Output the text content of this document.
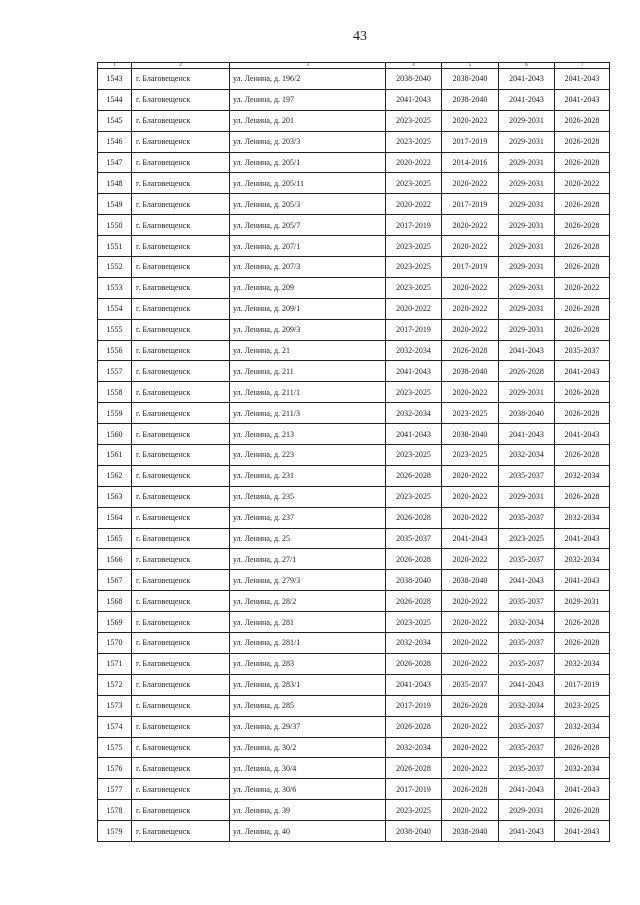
43
1	2	3	4	5	6	7
1543	г. Благовещенск	ул. Ленина, д. 196/2	2038-2040	2038-2040	2041-2043	2041-2043
1544	г. Благовещенск	ул. Ленина, д. 197	2041-2043	2038-2040	2041-2043	2041-2043
1545	г. Благовещенск	ул. Ленина, д. 201	2023-2025	2020-2022	2029-2031	2026-2028
1546	г. Благовещенск	ул. Ленина, д. 203/3	2023-2025	2017-2019	2029-2031	2026-2028
1547	г. Благовещенск	ул. Ленина, д. 205/1	2020-2022	2014-2016	2029-2031	2026-2028
1548	г. Благовещенск	ул. Ленина, д. 205/11	2023-2025	2020-2022	2029-2031	2020-2022
1549	г. Благовещенск	ул. Ленина, д. 205/3	2020-2022	2017-2019	2029-2031	2026-2028
1550	г. Благовещенск	ул. Ленина, д. 205/7	2017-2019	2020-2022	2029-2031	2026-2028
1551	г. Благовещенск	ул. Ленина, д. 207/1	2023-2025	2020-2022	2029-2031	2026-2028
1552	г. Благовещенск	ул. Ленина, д. 207/3	2023-2025	2017-2019	2029-2031	2026-2028
1553	г. Благовещенск	ул. Ленина, д. 209	2023-2025	2020-2022	2029-2031	2020-2022
1554	г. Благовещенск	ул. Ленина, д. 209/1	2020-2022	2020-2022	2029-2031	2026-2028
1555	г. Благовещенск	ул. Ленина, д. 209/3	2017-2019	2020-2022	2029-2031	2026-2028
1556	г. Благовещенск	ул. Ленина, д. 21	2032-2034	2026-2028	2041-2043	2035-2037
1557	г. Благовещенск	ул. Ленина, д. 211	2041-2043	2038-2040	2026-2028	2041-2043
1558	г. Благовещенск	ул. Ленина, д. 211/1	2023-2025	2020-2022	2029-2031	2026-2028
1559	г. Благовещенск	ул. Ленина, д. 211/3	2032-2034	2023-2025	2038-2040	2026-2028
1560	г. Благовещенск	ул. Ленина, д. 213	2041-2043	2038-2040	2041-2043	2041-2043
1561	г. Благовещенск	ул. Ленина, д. 223	2023-2025	2023-2025	2032-2034	2026-2028
1562	г. Благовещенск	ул. Ленина, д. 231	2026-2028	2020-2022	2035-2037	2032-2034
1563	г. Благовещенск	ул. Ленина, д. 235	2023-2025	2020-2022	2029-2031	2026-2028
1564	г. Благовещенск	ул. Ленина, д. 237	2026-2028	2020-2022	2035-2037	2032-2034
1565	г. Благовещенск	ул. Ленина, д. 25	2035-2037	2041-2043	2023-2025	2041-2043
1566	г. Благовещенск	ул. Ленина, д. 27/1	2026-2028	2020-2022	2035-2037	2032-2034
1567	г. Благовещенск	ул. Ленина, д. 279/3	2038-2040	2038-2040	2041-2043	2041-2043
1568	г. Благовещенск	ул. Ленина, д. 28/2	2026-2028	2020-2022	2035-2037	2029-2031
1569	г. Благовещенск	ул. Ленина, д. 281	2023-2025	2020-2022	2032-2034	2026-2028
1570	г. Благовещенск	ул. Ленина, д. 281/1	2032-2034	2020-2022	2035-2037	2026-2028
1571	г. Благовещенск	ул. Ленина, д. 283	2026-2028	2020-2022	2035-2037	2032-2034
1572	г. Благовещенск	ул. Ленина, д. 283/1	2041-2043	2035-2037	2041-2043	2017-2019
1573	г. Благовещенск	ул. Ленина, д. 285	2017-2019	2026-2028	2032-2034	2023-2025
1574	г. Благовещенск	ул. Ленина, д. 29/37	2026-2028	2020-2022	2035-2037	2032-2034
1575	г. Благовещенск	ул. Ленина, д. 30/2	2032-2034	2020-2022	2035-2037	2026-2028
1576	г. Благовещенск	ул. Ленина, д. 30/4	2026-2028	2020-2022	2035-2037	2032-2034
1577	г. Благовещенск	ул. Ленина, д. 30/6	2017-2019	2026-2028	2041-2043	2041-2043
1578	г. Благовещенск	ул. Ленина, д. 39	2023-2025	2020-2022	2029-2031	2026-2028
1579	г. Благовещенск	ул. Ленина, д. 40	2038-2040	2038-2040	2041-2043	2041-2043
